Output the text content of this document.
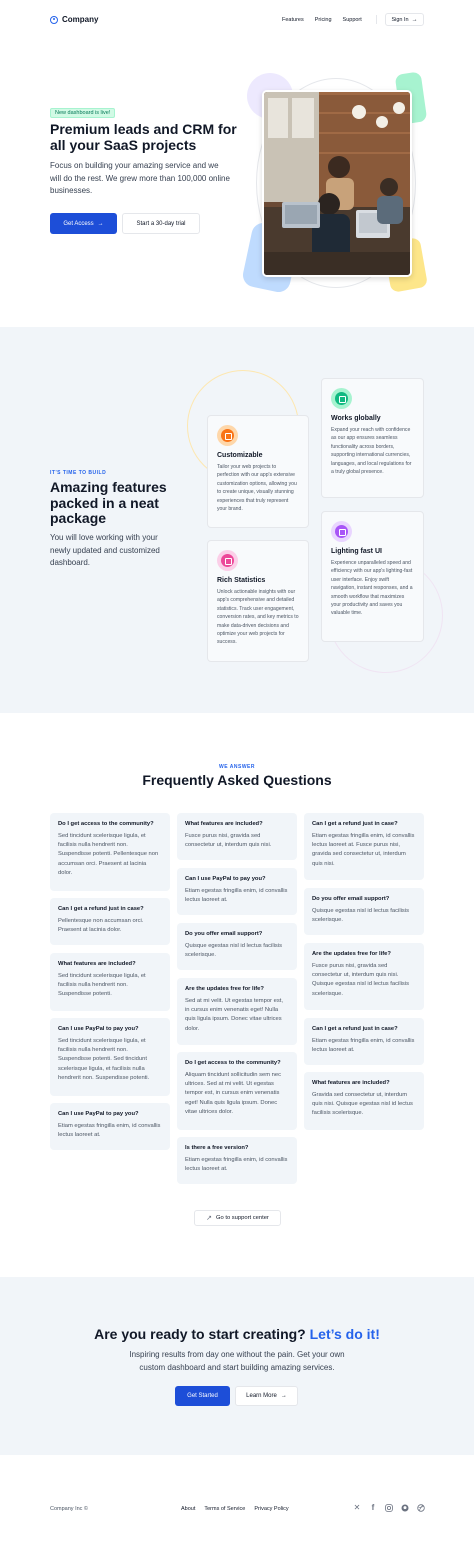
Company	Features Pricing Support	Sign In →
New dashboard is live!
Premium leads and CRM for all your SaaS projects
Focus on building your amazing service and we will do the rest. We grew more than 100,000 online businesses.
Get Access →	Start a 30-day trial
IT'S TIME TO BUILD
Amazing features packed in a neat package
You will love working with your newly updated and customized dashboard.
Customizable

Tailor your web projects to perfection with our app's extensive customization options, allowing you to create unique, visually stunning experiences that truly represent your brand.

Rich Statistics

Unlock actionable insights with our app's comprehensive and detailed statistics. Track user engagement, conversion rates, and key metrics to make data-driven decisions and optimize your web projects for success.

Works globally

Expand your reach with confidence as our app ensures seamless functionality across borders, supporting international currencies, languages, and local regulations for a truly global presence.

Lighting fast UI

Experience unparalleled speed and efficiency with our app's lighting-fast user interface. Enjoy swift navigation, instant responses, and a smooth workflow that maximizes your productivity and saves you valuable time.

WE ANSWER
Frequently Asked Questions
Do I get access to the community?

Sed tincidunt scelerisque ligula, et facilisis nulla hendrerit non. Suspendisse potenti. Pellentesque non accumsan orci. Praesent at lacinia dolor.

Can I get a refund just in case?

Pellentesque non accumsan orci. Praesent at lacinia dolor.

What features are included?

Sed tincidunt scelerisque ligula, et facilisis nulla hendrerit non. Suspendisse potenti.

Can I use PayPal to pay you?

Sed tincidunt scelerisque ligula, et facilisis nulla hendrerit non. Suspendisse potenti. Sed tincidunt scelerisque ligula, et facilisis nulla hendrerit non. Suspendisse potenti.

Can I use PayPal to pay you?

Etiam egestas fringilla enim, id convallis lectus laoreet at.

What features are included?

Fusce purus nisi, gravida sed consectetur ut, interdum quis nisi.

Can I use PayPal to pay you?

Etiam egestas fringilla enim, id convallis lectus laoreet at.

Do you offer email support?

Quisque egestas nisl id lectus facilisis scelerisque.

Are the updates free for life?

Sed at mi velit. Ut egestas tempor est, in cursus enim venenatis eget! Nulla quis ligula ipsum. Donec vitae ultrices dolor.

Do I get access to the community?

Aliquam tincidunt sollicitudin sem nec ultrices. Sed at mi velit. Ut egestas tempor est, in cursus enim venenatis eget! Nulla quis ligula ipsum. Donec vitae ultrices dolor.

Is there a free version?

Etiam egestas fringilla enim, id convallis lectus laoreet at.

Can I get a refund just in case?

Etiam egestas fringilla enim, id convallis lectus laoreet at. Fusce purus nisi, gravida sed consectetur ut, interdum quis nisi.

Do you offer email support?

Quisque egestas nisl id lectus facilisis scelerisque.

Are the updates free for life?

Fusce purus nisi, gravida sed consectetur ut, interdum quis nisi. Quisque egestas nisl id lectus facilisis scelerisque.

Can I get a refund just in case?

Etiam egestas fringilla enim, id convallis lectus laoreet at.

What features are included?

Gravida sed consectetur ut, interdum quis nisi. Quisque egestas nisl id lectus facilisis scelerisque.

↗ Go to support center
Are you ready to start creating? Let’s do it!
Inspiring results from day one without the pain. Get your own custom dashboard and start building amazing services.
Get Started	Learn More →
Company Inc ©	About Terms of Service Privacy Policy	✕	f
